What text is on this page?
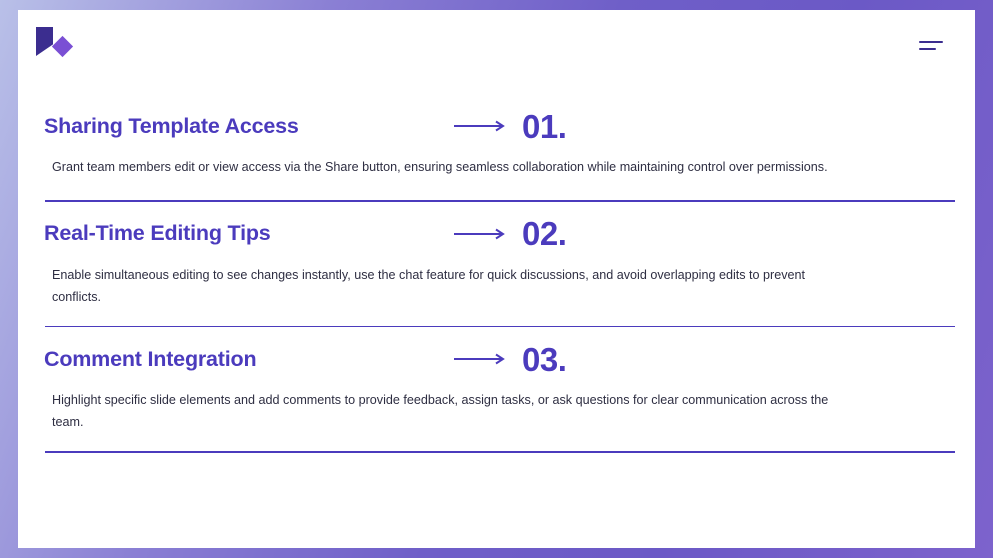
Sharing Template Access	01.
Grant team members edit or view access via the Share button, ensuring seamless collaboration while maintaining control over permissions.
Real-Time Editing Tips	02.
Enable simultaneous editing to see changes instantly, use the chat feature for quick discussions, and avoid overlapping edits to prevent conflicts.
Comment Integration	03.
Highlight specific slide elements and add comments to provide feedback, assign tasks, or ask questions for clear communication across the team.
